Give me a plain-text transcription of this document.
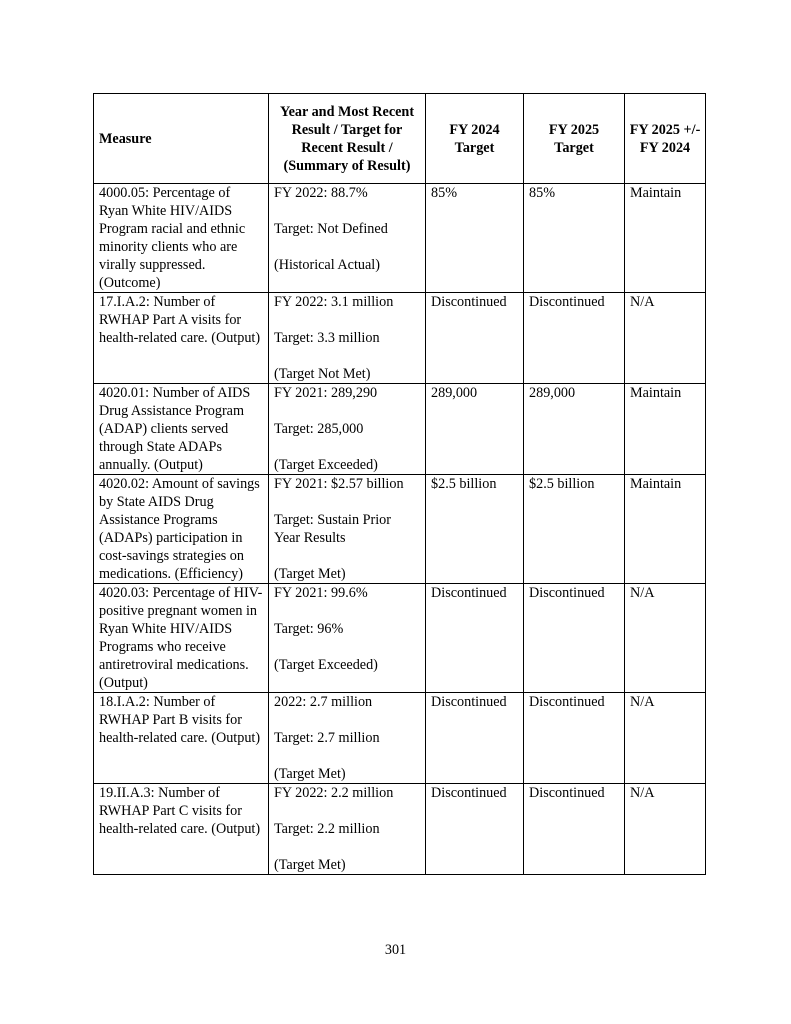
Measure	Year and Most Recent Result / Target for Recent Result / (Summary of Result)	FY 2024 Target	FY 2025 Target	FY 2025 +/- FY 2024
4000.05: Percentage of Ryan White HIV/AIDS Program racial and ethnic minority clients who are virally suppressed. (Outcome)	FY 2022: 88.7%
Target: Not Defined
(Historical Actual)	85%	85%	Maintain
17.I.A.2: Number of RWHAP Part A visits for health-related care. (Output)	FY 2022: 3.1 million
Target: 3.3 million
(Target Not Met)	Discontinued	Discontinued	N/A
4020.01: Number of AIDS Drug Assistance Program (ADAP) clients served through State ADAPs annually. (Output)	FY 2021: 289,290
Target: 285,000
(Target Exceeded)	289,000	289,000	Maintain
4020.02: Amount of savings by State AIDS Drug Assistance Programs (ADAPs) participation in cost-savings strategies on medications. (Efficiency)	FY 2021: $2.57 billion
Target: Sustain Prior Year Results
(Target Met)	$2.5 billion	$2.5 billion	Maintain
4020.03: Percentage of HIV-positive pregnant women in Ryan White HIV/AIDS Programs who receive antiretroviral medications. (Output)	FY 2021: 99.6%
Target: 96%
(Target Exceeded)	Discontinued	Discontinued	N/A
18.I.A.2: Number of RWHAP Part B visits for health-related care. (Output)	2022: 2.7 million
Target: 2.7 million
(Target Met)	Discontinued	Discontinued	N/A
19.II.A.3: Number of RWHAP Part C visits for health-related care. (Output)	FY 2022: 2.2 million
Target: 2.2 million
(Target Met)	Discontinued	Discontinued	N/A
301
